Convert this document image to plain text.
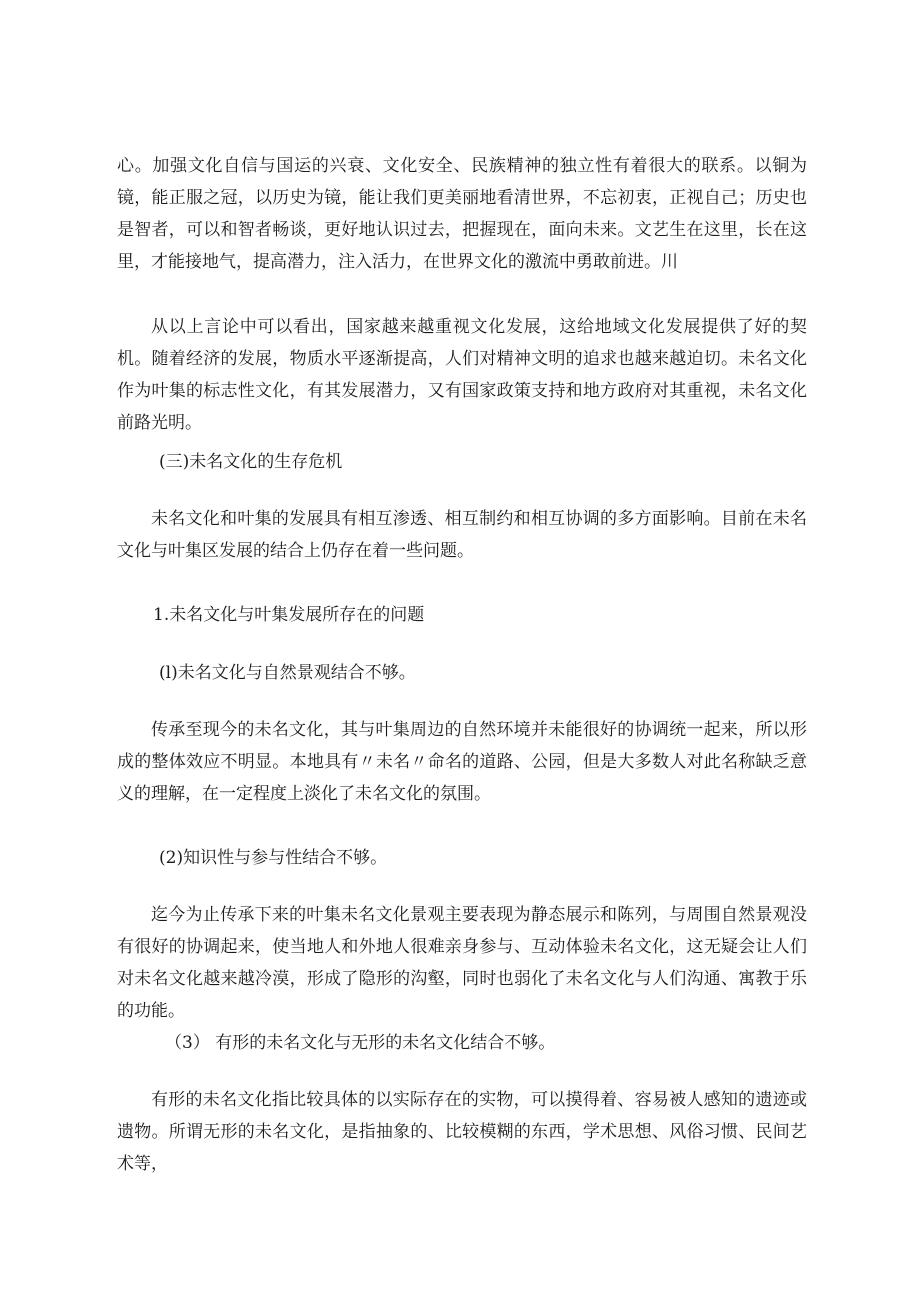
心。加强文化自信与国运的兴衰、文化安全、民族精神的独立性有着很大的联系。以铜为镜，能正服之冠，以历史为镜，能让我们更美丽地看清世界，不忘初衷，正视自己；历史也是智者，可以和智者畅谈，更好地认识过去，把握现在，面向未来。文艺生在这里，长在这里，才能接地气，提高潜力，注入活力，在世界文化的激流中勇敢前进。川
从以上言论中可以看出，国家越来越重视文化发展，这给地域文化发展提供了好的契机。随着经济的发展，物质水平逐渐提高，人们对精神文明的追求也越来越迫切。未名文化作为叶集的标志性文化，有其发展潜力，又有国家政策支持和地方政府对其重视，未名文化前路光明。
(三)未名文化的生存危机
未名文化和叶集的发展具有相互渗透、相互制约和相互协调的多方面影响。目前在未名文化与叶集区发展的结合上仍存在着一些问题。
1.未名文化与叶集发展所存在的问题
(l)未名文化与自然景观结合不够。
传承至现今的未名文化，其与叶集周边的自然环境并未能很好的协调统一起来，所以形成的整体效应不明显。本地具有〃未名〃命名的道路、公园，但是大多数人对此名称缺乏意义的理解，在一定程度上淡化了未名文化的氛围。
(2)知识性与参与性结合不够。
迄今为止传承下来的叶集未名文化景观主要表现为静态展示和陈列，与周围自然景观没有很好的协调起来，使当地人和外地人很难亲身参与、互动体验未名文化，这无疑会让人们对未名文化越来越冷漠，形成了隐形的沟壑，同时也弱化了未名文化与人们沟通、寓教于乐的功能。
（3） 有形的未名文化与无形的未名文化结合不够。
有形的未名文化指比较具体的以实际存在的实物，可以摸得着、容易被人感知的遗迹或遗物。所谓无形的未名文化，是指抽象的、比较模糊的东西，学术思想、风俗习惯、民间艺术等，
